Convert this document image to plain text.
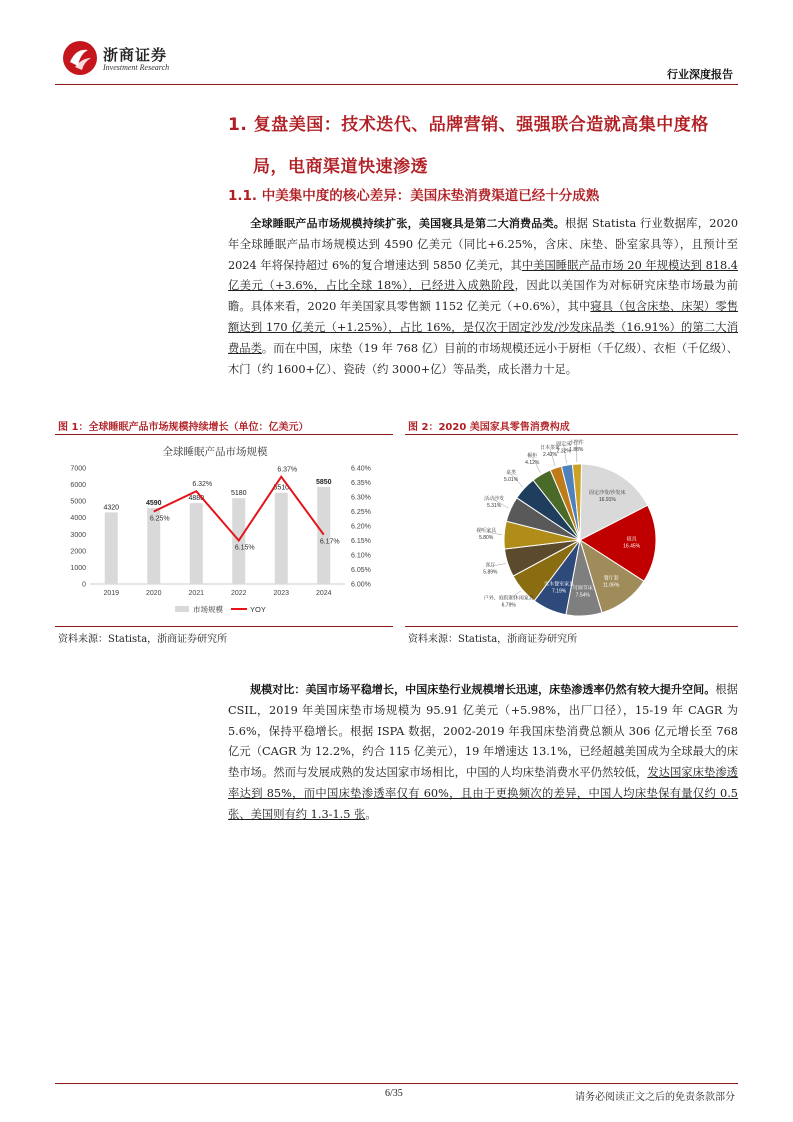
浙商证券
Investment Research
行业深度报告
1. 复盘美国：技术迭代、品牌营销、强强联合造就高集中度格
局，电商渠道快速渗透
1.1. 中美集中度的核心差异：美国床垫消费渠道已经十分成熟
全球睡眠产品市场规模持续扩张，美国寝具是第二大消费品类。根据 Statista 行业数据库，2020 年全球睡眠产品市场规模达到 4590 亿美元（同比+6.25%，含床、床垫、卧室家具等），且预计至 2024 年将保持超过 6%的复合增速达到 5850 亿美元，其中美国睡眠产品市场 20 年规模达到 818.4 亿美元（+3.6%，占比全球 18%），已经进入成熟阶段，因此以美国作为对标研究床垫市场最为前瞻。具体来看，2020 年美国家具零售额 1152 亿美元（+0.6%），其中寝具（包含床垫、床架）零售额达到 170 亿美元（+1.25%），占比 16%，是仅次于固定沙发/沙发床品类（16.91%）的第二大消费品类。而在中国，床垫（19 年 768 亿）目前的市场规模还远小于厨柜（千亿级）、衣柜（千亿级）、木门（约 1600+亿）、瓷砖（约 3000+亿）等品类，成长潜力十足。
图 1：全球睡眠产品市场规模持续增长（单位：亿美元）	图 2：2020 美国家具零售消费构成
全球睡眠产品市场规模
0
1000
2000
3000
4000
5000
6000
7000
6.00%
6.05%
6.10%
6.15%
6.20%
6.25%
6.30%
6.35%
6.40%
4320
4590
4880
5180
5510
5850
2019	2020	2021	2022	2023	2024
6.25%
6.32%
6.15%
6.37%
6.17%
市场规模	YOY
固定沙发/沙发床
16.91%
寝具
16.45%
餐厅套
11.06%
可调节床
7.54%
实木餐室家具
7.19%
户外、庭院和休闲家具
6.79%
客厅
5.89%
视听家具
5.80%
活动沙发
5.31%
桌类
5.01%
橱柜
4.12%
日本茶家
2.42%
固定床
2.32%
小摆件
1.88%
资料来源：Statista，浙商证券研究所	资料来源：Statista，浙商证券研究所
规模对比：美国市场平稳增长，中国床垫行业规模增长迅速，床垫渗透率仍然有较大提升空间。根据 CSIL，2019 年美国床垫市场规模为 95.91 亿美元（+5.98%，出厂口径），15-19 年 CAGR 为 5.6%，保持平稳增长。根据 ISPA 数据，2002-2019 年我国床垫消费总额从 306 亿元增长至 768 亿元（CAGR 为 12.2%，约合 115 亿美元），19 年增速达 13.1%，已经超越美国成为全球最大的床垫市场。然而与发展成熟的发达国家市场相比，中国的人均床垫消费水平仍然较低，发达国家床垫渗透率达到 85%，而中国床垫渗透率仅有 60%，且由于更换频次的差异，中国人均床垫保有量仅约 0.5 张、美国则有约 1.3-1.5 张。
6/35	请务必阅读正文之后的免责条款部分
